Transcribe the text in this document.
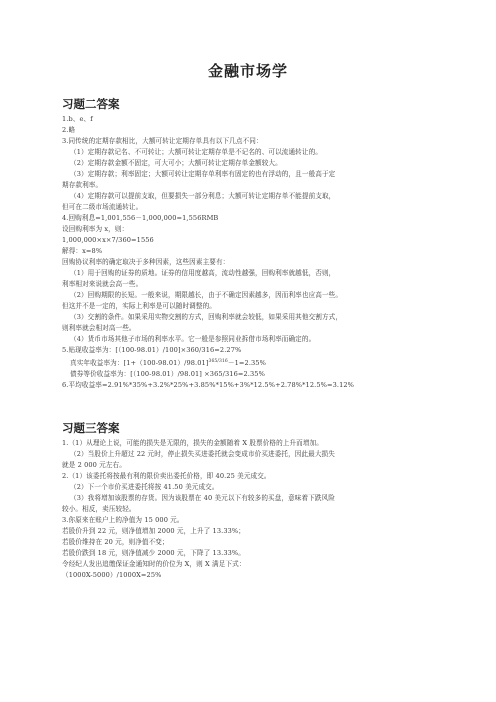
金融市场学
习题二答案
1.b、e、f
2.略
3.同传统的定期存款相比，大额可转让定期存单具有以下几点不同：
（1）定期存款记名、不可转让；大额可转让定期存单是不记名的、可以流通转让的。
（2）定期存款金额不固定，可大可小；大额可转让定期存单金额较大。
（3）定期存款；利率固定；大额可转让定期存单利率有固定的也有浮动的，且一般高于定
期存款利率。
（4）定期存款可以提前支取，但要损失一部分利息；大额可转让定期存单不能提前支取，
但可在二级市场流通转让。
4.回购利息=1,001,556－1,000,000=1,556RMB
设回购利率为 x，则：
1,000,000×x×7/360=1556
解得：x=8%
回购协议利率的确定取决于多种因素，这些因素主要有：
（1）用于回购的证券的质地。证券的信用度越高，流动性越强，回购利率就越低，否则，
利率相对来说就会高一些。
（2）回购期限的长短。一般来说，期限越长，由于不确定因素越多，因而利率也应高一些。
但这并不是一定的，实际上利率是可以随时调整的。
（3）交割的条件。如果采用实物交割的方式，回购利率就会较低，如果采用其他交割方式，
则利率就会相对高一些。
（4）货币市场其他子市场的利率水平。它一般是参照同业拆借市场利率而确定的。
5.贴现收益率为：[（100-98.01）/100]×360/316=2.27%
真实年收益率为：$[1+(100-98.01)/98.01]^{365/316}-1=2.35\%$
债券等价收益率为：[（100-98.01）/98.01] ×365/316=2.35%
6.平均收益率=2.91%*35%+3.2%*25%+3.85%*15%+3%*12.5%+2.78%*12.5%=3.12%
习题三答案
1.（1）从理论上说，可能的损失是无限的，损失的金额随着 X 股票价格的上升而增加。
（2）当股价上升超过 22 元时，停止损失买进委托就会变成市价买进委托，因此最大损失
就是 2 000 元左右。
2.（1）该委托将按最有利的限价卖出委托价格，即 40.25 美元成交。
（2）下一个市价买进委托将按 41.50 美元成交。
（3）我将增加该股票的存货。因为该股票在 40 美元以下有较多的买盘，意味着下跌风险
较小。相反，卖压较轻。
3.你原来在账户上的净值为 15 000 元。
若股价升到 22 元，则净值增加 2000 元，上升了 13.33%；
若股价维持在 20 元，则净值不变；
若股价跌到 18 元，则净值减少 2000 元，下降了 13.33%。
令经纪人发出追缴保证金通知时的价位为 X，则 X 满足下式：
（1000X-5000）/1000X=25%
